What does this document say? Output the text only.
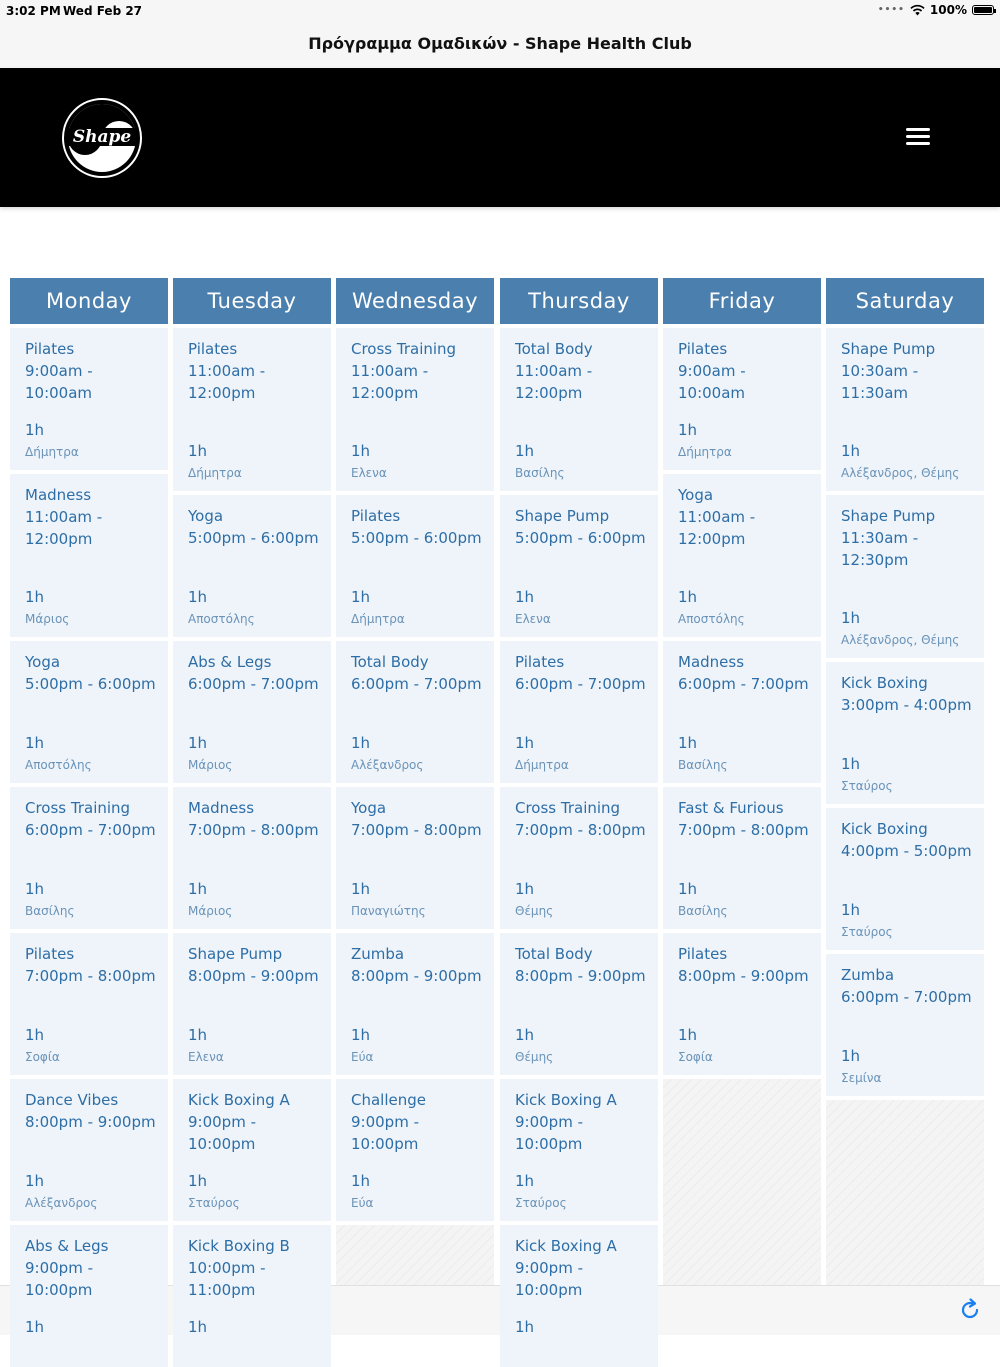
3:02 PM Wed Feb 27	•••• 100%
Πρόγραμμα Ομαδικών - Shape Health Club
Shape
Monday
Pilates
9:00am - 10:00am
1h
Δήμητρα
Madness
11:00am - 12:00pm
1h
Μάριος
Yoga
5:00pm - 6:00pm
1h
Αποστόλης
Cross Training
6:00pm - 7:00pm
1h
Βασίλης
Pilates
7:00pm - 8:00pm
1h
Σοφία
Dance Vibes
8:00pm - 9:00pm
1h
Αλέξανδρος
Abs & Legs
9:00pm - 10:00pm
1h
Tuesday
Pilates
11:00am - 12:00pm
1h
Δήμητρα
Yoga
5:00pm - 6:00pm
1h
Αποστόλης
Abs & Legs
6:00pm - 7:00pm
1h
Μάριος
Madness
7:00pm - 8:00pm
1h
Μάριος
Shape Pump
8:00pm - 9:00pm
1h
Ελενα
Kick Boxing A
9:00pm - 10:00pm
1h
Σταύρος
Kick Boxing B
10:00pm - 11:00pm
1h
Wednesday
Cross Training
11:00am - 12:00pm
1h
Ελενα
Pilates
5:00pm - 6:00pm
1h
Δήμητρα
Total Body
6:00pm - 7:00pm
1h
Αλέξανδρος
Yoga
7:00pm - 8:00pm
1h
Παναγιώτης
Zumba
8:00pm - 9:00pm
1h
Εύα
Challenge
9:00pm - 10:00pm
1h
Εύα
Thursday
Total Body
11:00am - 12:00pm
1h
Βασίλης
Shape Pump
5:00pm - 6:00pm
1h
Ελενα
Pilates
6:00pm - 7:00pm
1h
Δήμητρα
Cross Training
7:00pm - 8:00pm
1h
Θέμης
Total Body
8:00pm - 9:00pm
1h
Θέμης
Kick Boxing A
9:00pm - 10:00pm
1h
Σταύρος
Kick Boxing A
9:00pm - 10:00pm
1h
Friday
Pilates
9:00am - 10:00am
1h
Δήμητρα
Yoga
11:00am - 12:00pm
1h
Αποστόλης
Madness
6:00pm - 7:00pm
1h
Βασίλης
Fast & Furious
7:00pm - 8:00pm
1h
Βασίλης
Pilates
8:00pm - 9:00pm
1h
Σοφία
Saturday
Shape Pump
10:30am - 11:30am
1h
Αλέξανδρος, Θέμης
Shape Pump
11:30am - 12:30pm
1h
Αλέξανδρος, Θέμης
Kick Boxing
3:00pm - 4:00pm
1h
Σταύρος
Kick Boxing
4:00pm - 5:00pm
1h
Σταύρος
Zumba
6:00pm - 7:00pm
1h
Σεμίνα
